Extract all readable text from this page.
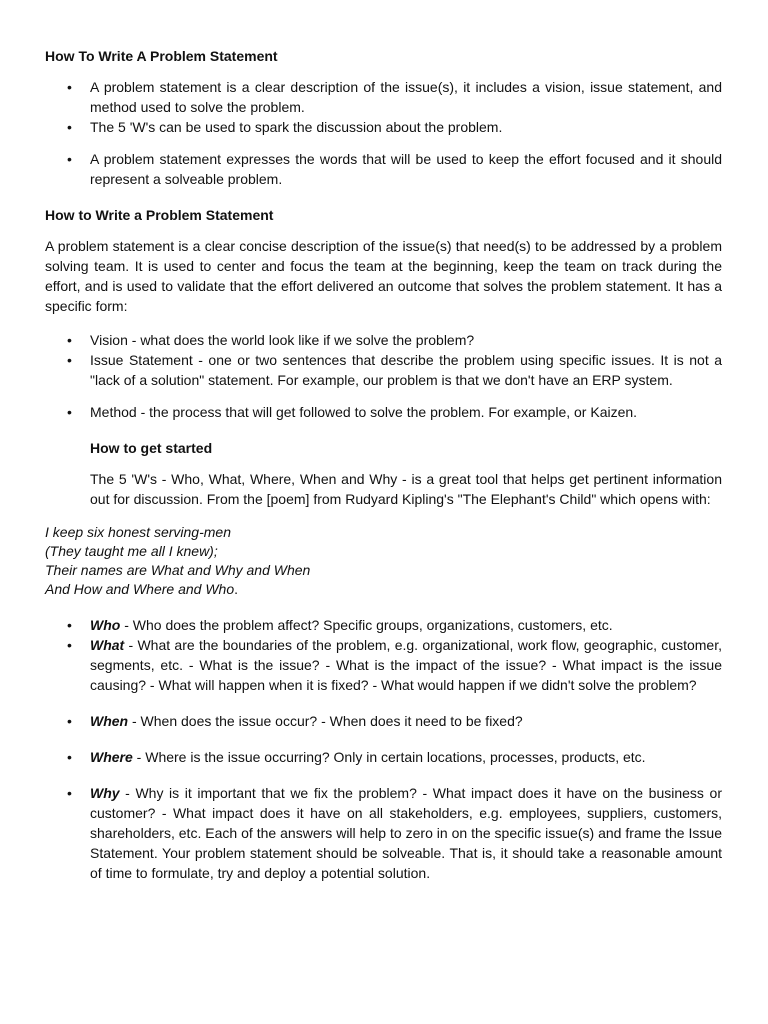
How To Write A Problem Statement
• A problem statement is a clear description of the issue(s), it includes a vision, issue statement, and method used to solve the problem.
• The 5 'W's can be used to spark the discussion about the problem.
• A problem statement expresses the words that will be used to keep the effort focused and it should represent a solveable problem.
How to Write a Problem Statement
A problem statement is a clear concise description of the issue(s) that need(s) to be addressed by a problem solving team. It is used to center and focus the team at the beginning, keep the team on track during the effort, and is used to validate that the effort delivered an outcome that solves the problem statement. It has a specific form:
• Vision - what does the world look like if we solve the problem?
• Issue Statement - one or two sentences that describe the problem using specific issues. It is not a "lack of a solution" statement. For example, our problem is that we don't have an ERP system.
• Method - the process that will get followed to solve the problem. For example, or Kaizen.
How to get started
The 5 'W's - Who, What, Where, When and Why - is a great tool that helps get pertinent information out for discussion. From the [poem] from Rudyard Kipling's "The Elephant's Child" which opens with:
I keep six honest serving-men
(They taught me all I knew);
Their names are What and Why and When
And How and Where and Who.
• Who - Who does the problem affect? Specific groups, organizations, customers, etc.
• What - What are the boundaries of the problem, e.g. organizational, work flow, geographic, customer, segments, etc. - What is the issue? - What is the impact of the issue? - What impact is the issue causing? - What will happen when it is fixed? - What would happen if we didn't solve the problem?
• When - When does the issue occur? - When does it need to be fixed?
• Where - Where is the issue occurring? Only in certain locations, processes, products, etc.
• Why - Why is it important that we fix the problem? - What impact does it have on the business or customer? - What impact does it have on all stakeholders, e.g. employees, suppliers, customers, shareholders, etc. Each of the answers will help to zero in on the specific issue(s) and frame the Issue Statement. Your problem statement should be solveable. That is, it should take a reasonable amount of time to formulate, try and deploy a potential solution.
